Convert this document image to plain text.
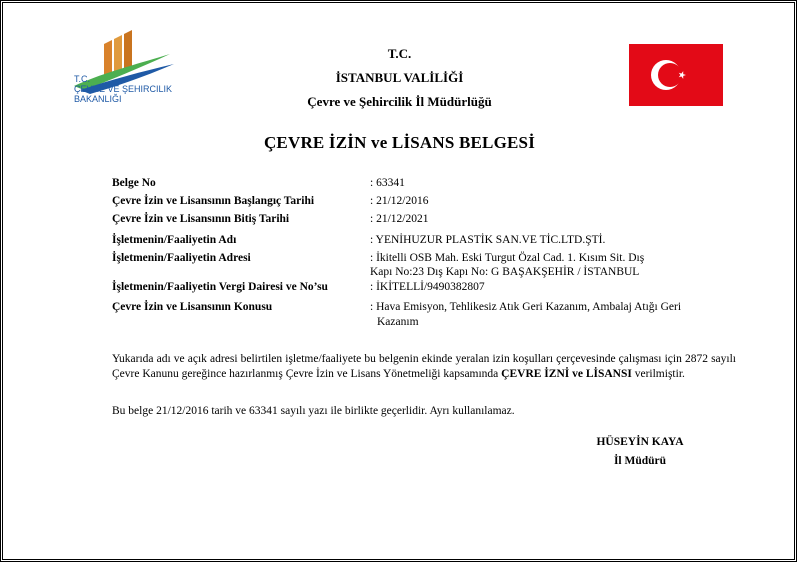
T.C.
ÇEVRE VE ŞEHIRCILIK
BAKANLIĞI
T.C.
İSTANBUL VALİLİĞİ
Çevre ve Şehircilik İl Müdürlüğü
ÇEVRE İZİN ve LİSANS BELGESİ
Belge No	: 63341
Çevre İzin ve Lisansının Başlangıç Tarihi	: 21/12/2016
Çevre İzin ve Lisansının Bitiş Tarihi	: 21/12/2021
İşletmenin/Faaliyetin Adı	: YENİHUZUR PLASTİK SAN.VE TİC.LTD.ŞTİ.
İşletmenin/Faaliyetin Adresi	: İkitelli OSB Mah. Eski Turgut Özal Cad. 1. Kısım Sit. Dış
Kapı No:23 Dış Kapı No: G BAŞAKŞEHİR / İSTANBUL
İşletmenin/Faaliyetin Vergi Dairesi ve No’su	: İKİTELLİ/9490382807
Çevre İzin ve Lisansının Konusu	: Hava Emisyon, Tehlikesiz Atık Geri Kazanım, Ambalaj Atığı Geri
Kazanım
Yukarıda adı ve açık adresi belirtilen işletme/faaliyete bu belgenin ekinde yeralan izin koşulları çerçevesinde çalışması için 2872 sayılı Çevre Kanunu gereğince hazırlanmış Çevre İzin ve Lisans Yönetmeliği kapsamında ÇEVRE İZNİ ve LİSANSI verilmiştir.
Bu belge 21/12/2016 tarih ve 63341 sayılı yazı ile birlikte geçerlidir. Ayrı kullanılamaz.
HÜSEYİN KAYA
İl Müdürü
